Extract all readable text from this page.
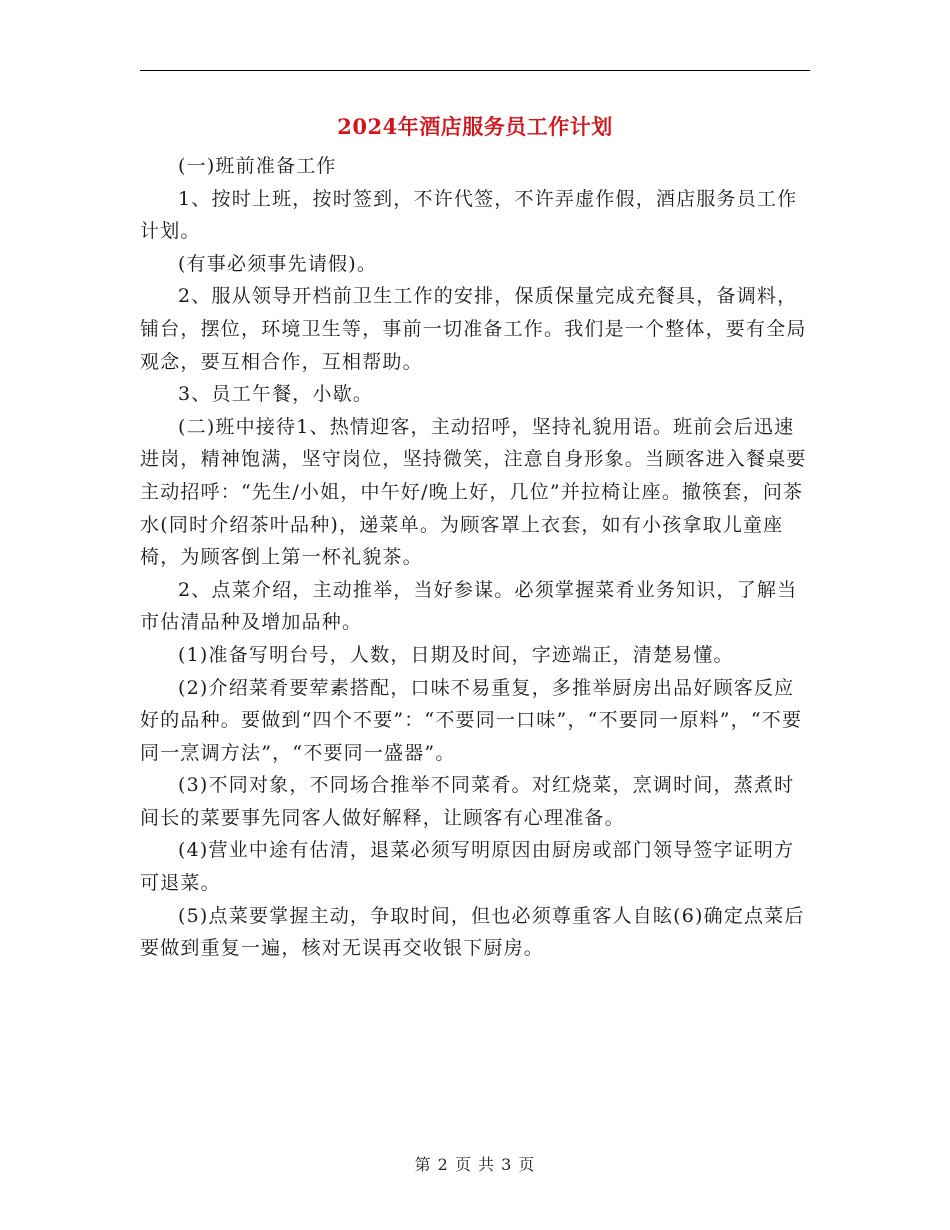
2024年酒店服务员工作计划

(一)班前准备工作

1、按时上班，按时签到，不许代签，不许弄虚作假，酒店服务员工作计划。

(有事必须事先请假)。

2、服从领导开档前卫生工作的安排，保质保量完成充餐具，备调料，铺台，摆位，环境卫生等，事前一切准备工作。我们是一个整体，要有全局观念，要互相合作，互相帮助。

3、员工午餐，小歇。

(二)班中接待1、热情迎客，主动招呼，坚持礼貌用语。班前会后迅速进岗，精神饱满，坚守岗位，坚持微笑，注意自身形象。当顾客进入餐桌要主动招呼：“先生/小姐，中午好/晚上好，几位”并拉椅让座。撤筷套，问茶水(同时介绍茶叶品种)，递菜单。为顾客罩上衣套，如有小孩拿取儿童座椅，为顾客倒上第一杯礼貌茶。

2、点菜介绍，主动推举，当好参谋。必须掌握菜肴业务知识，了解当市估清品种及增加品种。

(1)准备写明台号，人数，日期及时间，字迹端正，清楚易懂。

(2)介绍菜肴要荤素搭配，口味不易重复，多推举厨房出品好顾客反应好的品种。要做到“四个不要”：“不要同一口味”，“不要同一原料”，“不要同一烹调方法”，“不要同一盛器”。

(3)不同对象，不同场合推举不同菜肴。对红烧菜，烹调时间，蒸煮时间长的菜要事先同客人做好解释，让顾客有心理准备。

(4)营业中途有估清，退菜必须写明原因由厨房或部门领导签字证明方可退菜。

(5)点菜要掌握主动，争取时间，但也必须尊重客人自眩(6)确定点菜后要做到重复一遍，核对无误再交收银下厨房。

第 2 页 共 3 页
